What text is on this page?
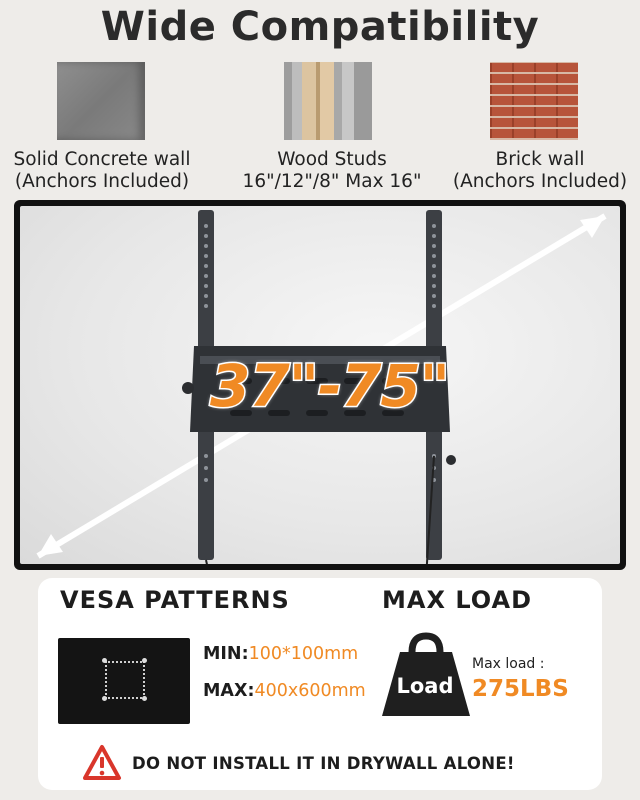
Wide Compatibility
Solid Concrete wall
(Anchors Included)
Wood Studs
16"/12"/8" Max 16"
Brick wall
(Anchors Included)
37"-75"
VESA PATTERNS	MAX LOAD
MIN:100*100mm
MAX:400x600mm	Load
Max load :
275LBS
DO NOT INSTALL IT IN DRYWALL ALONE!
